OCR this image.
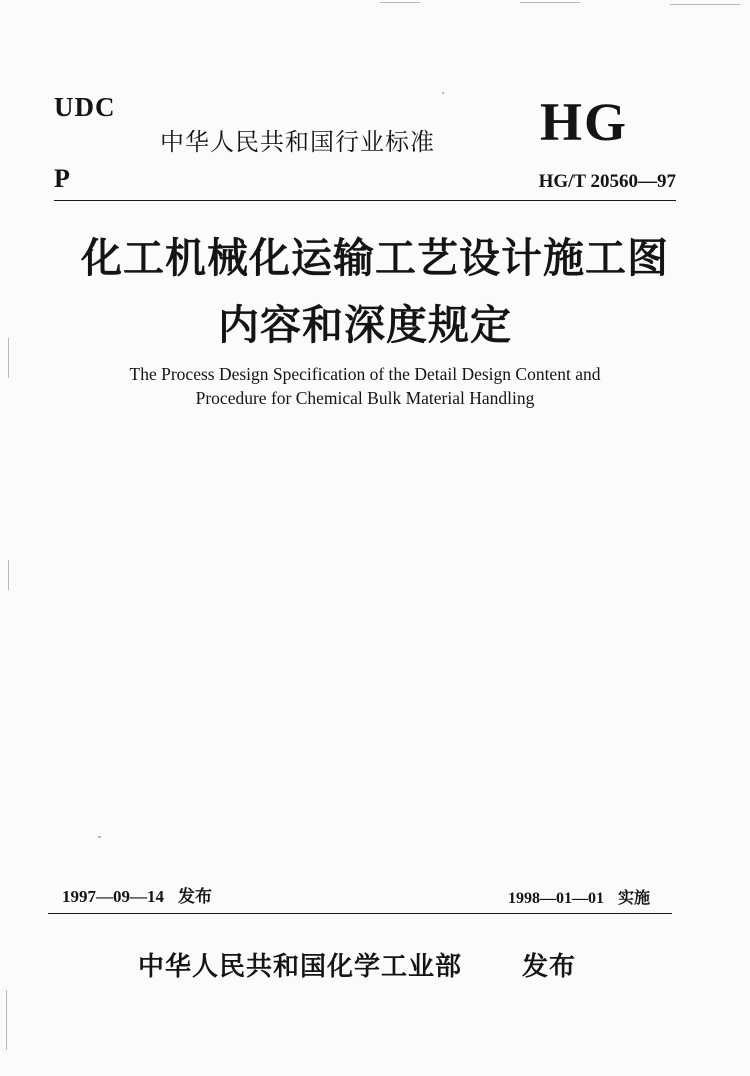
UDC
中华人民共和国行业标准 HG
P	HG/T 20560—97
化工机械化运输工艺设计施工图
内容和深度规定
The Process Design Specification of the Detail Design Content and
Procedure for Chemical Bulk Material Handling
1997—09—14 发布	1998—01—01 实施
中华人民共和国化学工业部 发布
